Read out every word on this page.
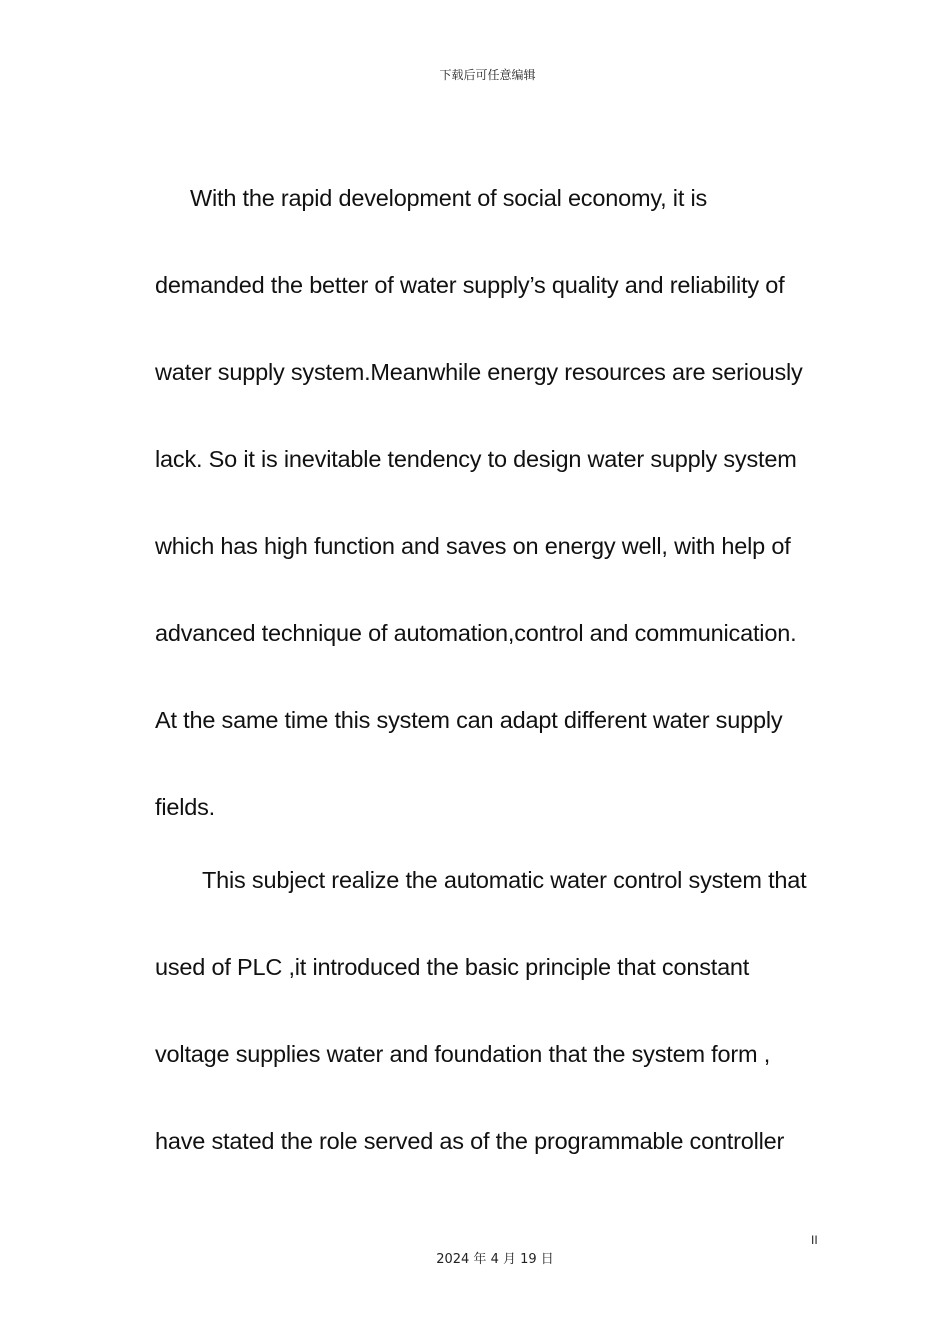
下载后可任意编辑
With the rapid development of social economy, it is
demanded the better of water supply’s quality and reliability of
water supply system.Meanwhile energy resources are seriously
lack. So it is inevitable tendency to design water supply system
which has high function and saves on energy well, with help of
advanced technique of automation,control and communication.
At the same time this system can adapt different water supply
fields.
This subject realize the automatic water control system that
used of PLC ,it introduced the basic principle that constant
voltage supplies water and foundation that the system form ,
have stated the role served as of the programmable controller
II
2024 年 4 月 19 日
